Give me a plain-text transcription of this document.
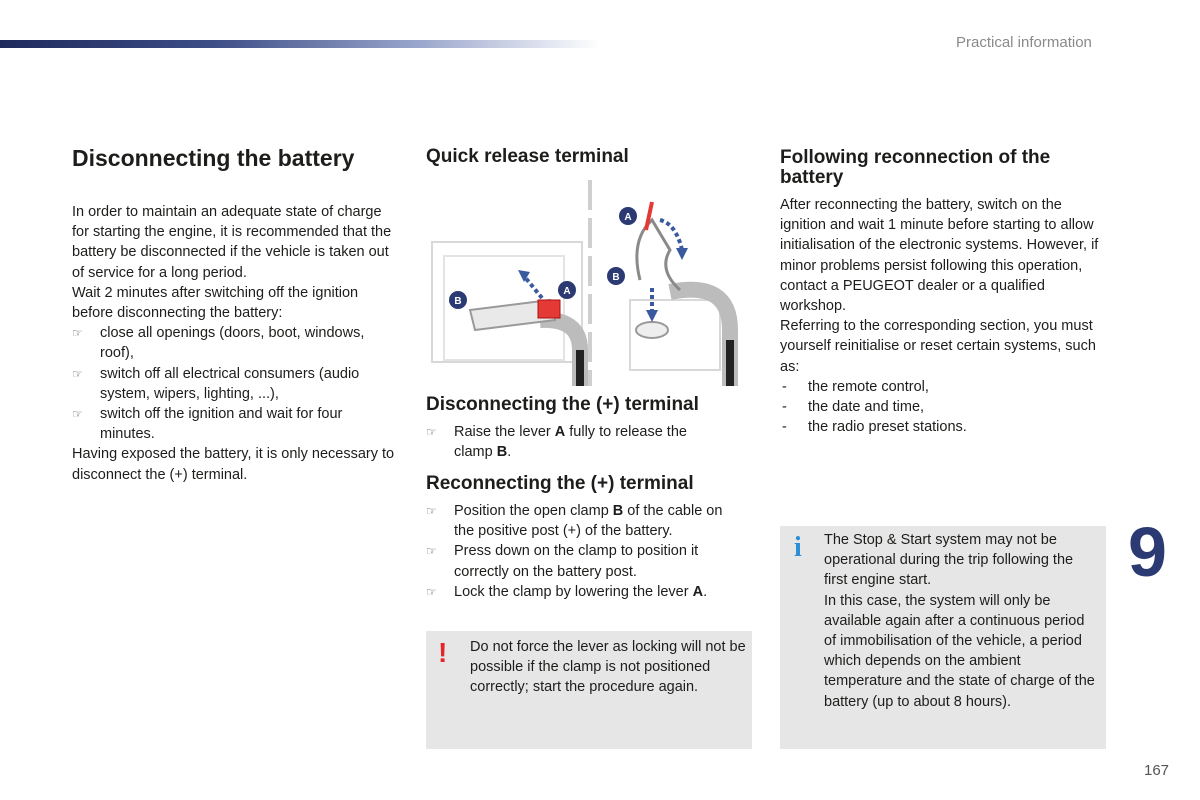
Practical information
Disconnecting the battery

In order to maintain an adequate state of charge for starting the engine, it is recommended that the battery be disconnected if the vehicle is taken out of service for a long period.

Wait 2 minutes after switching off the ignition before disconnecting the battery:

☞ close all openings (doors, boot, windows, roof),
☞ switch off all electrical consumers (audio system, wipers, lighting, ...),
☞ switch off the ignition and wait for four minutes.

Having exposed the battery, it is only necessary to disconnect the (+) terminal.

Quick release terminal
A
B
A
B
Disconnecting the (+) terminal
☞ Raise the lever A fully to release the clamp B.
Reconnecting the (+) terminal
☞ Position the open clamp B of the cable on the positive post (+) of the battery.
☞ Press down on the clamp to position it correctly on the battery post.
☞ Lock the clamp by lowering the lever A.
! Do not force the lever as locking will not be possible if the clamp is not positioned correctly; start the procedure again.

Following reconnection of the battery

After reconnecting the battery, switch on the ignition and wait 1 minute before starting to allow initialisation of the electronic systems. However, if minor problems persist following this operation, contact a PEUGEOT dealer or a qualified workshop.

Referring to the corresponding section, you must yourself reinitialise or reset certain systems, such as:

- the remote control,
- the date and time,
- the radio preset stations.
i The Stop & Start system may not be operational during the trip following the first engine start.

In this case, the system will only be available again after a continuous period of immobilisation of the vehicle, a period which depends on the ambient temperature and the state of charge of the battery (up to about 8 hours).

9
167
